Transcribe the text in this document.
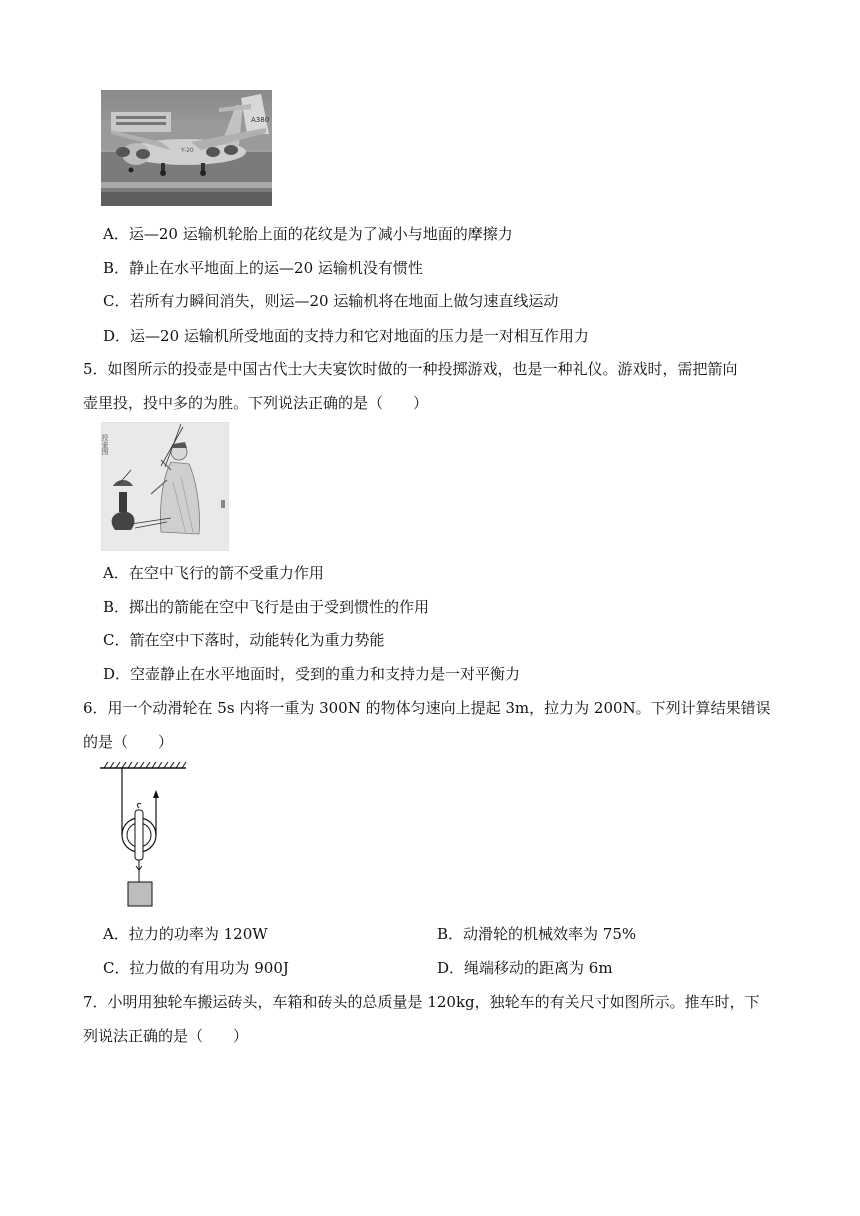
A380
Y-20
A．运—20 运输机轮胎上面的花纹是为了减小与地面的摩擦力
B．静止在水平地面上的运—20 运输机没有惯性
C．若所有力瞬间消失，则运—20 运输机将在地面上做匀速直线运动
D．运—20 运输机所受地面的支持力和它对地面的压力是一对相互作用力
5．如图所示的投壶是中国古代士大夫宴饮时做的一种投掷游戏，也是一种礼仪。游戏时，需把箭向
壶里投，投中多的为胜。下列说法正确的是（　　）
投壶图
A．在空中飞行的箭不受重力作用
B．掷出的箭能在空中飞行是由于受到惯性的作用
C．箭在空中下落时，动能转化为重力势能
D．空壶静止在水平地面时，受到的重力和支持力是一对平衡力
6．用一个动滑轮在 5s 内将一重为 300N 的物体匀速向上提起 3m，拉力为 200N。下列计算结果错误
的是（　　）
A．拉力的功率为 120W	B．动滑轮的机械效率为 75%
C．拉力做的有用功为 900J	D．绳端移动的距离为 6m
7．小明用独轮车搬运砖头，车箱和砖头的总质量是 120kg，独轮车的有关尺寸如图所示。推车时，下
列说法正确的是（　　）
